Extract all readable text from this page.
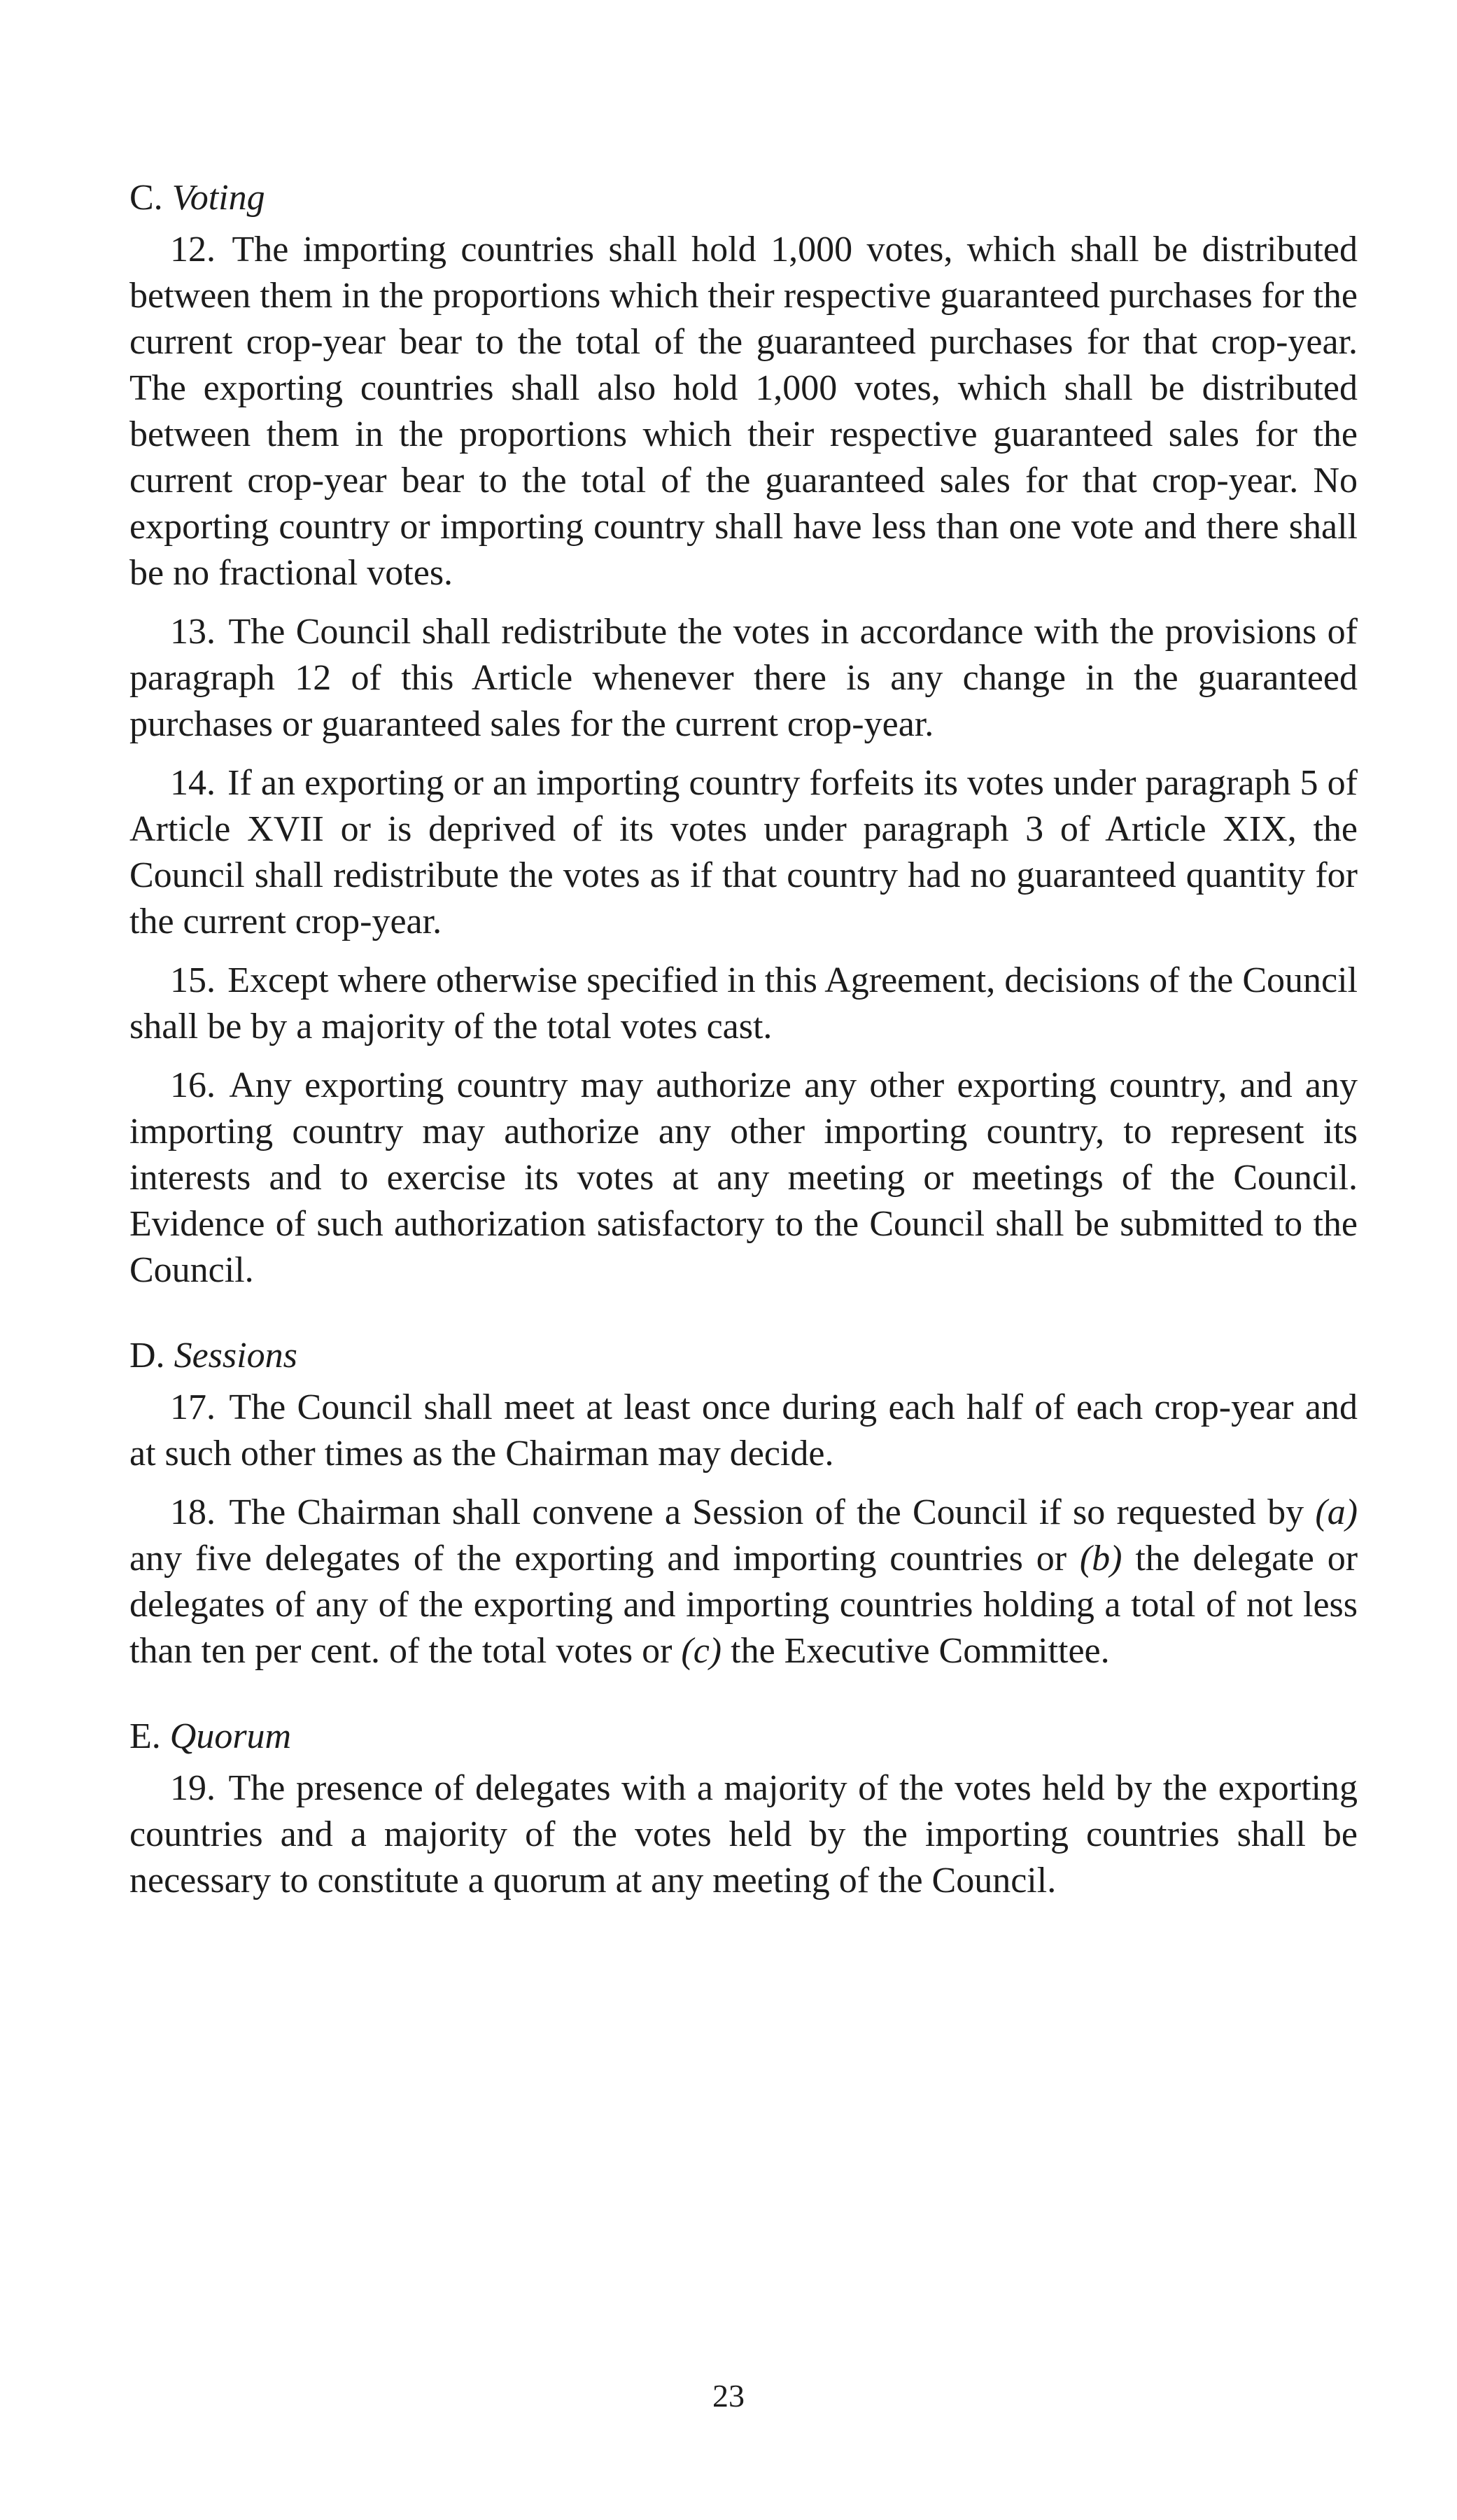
C. Voting

12. The importing countries shall hold 1,000 votes, which shall be distributed between them in the proportions which their respective guaranteed purchases for the current crop-year bear to the total of the guaranteed purchases for that crop-year. The exporting countries shall also hold 1,000 votes, which shall be distributed between them in the proportions which their respective guaranteed sales for the current crop-year bear to the total of the guaranteed sales for that crop-year. No exporting country or importing country shall have less than one vote and there shall be no fractional votes.

13. The Council shall redistribute the votes in accordance with the provisions of paragraph 12 of this Article whenever there is any change in the guaranteed purchases or guaranteed sales for the current crop-year.

14. If an exporting or an importing country forfeits its votes under paragraph 5 of Article XVII or is deprived of its votes under paragraph 3 of Article XIX, the Council shall redistribute the votes as if that country had no guaranteed quantity for the current crop-year.

15. Except where otherwise specified in this Agreement, decisions of the Council shall be by a majority of the total votes cast.

16. Any exporting country may authorize any other exporting country, and any importing country may authorize any other importing country, to represent its interests and to exercise its votes at any meeting or meetings of the Council. Evidence of such authorization satisfactory to the Council shall be submitted to the Council.

D. Sessions

17. The Council shall meet at least once during each half of each crop-year and at such other times as the Chairman may decide.

18. The Chairman shall convene a Session of the Council if so requested by (a) any five delegates of the exporting and importing countries or (b) the delegate or delegates of any of the exporting and importing countries holding a total of not less than ten per cent. of the total votes or (c) the Executive Committee.

E. Quorum

19. The presence of delegates with a majority of the votes held by the exporting countries and a majority of the votes held by the importing countries shall be necessary to constitute a quorum at any meeting of the Council.

23
